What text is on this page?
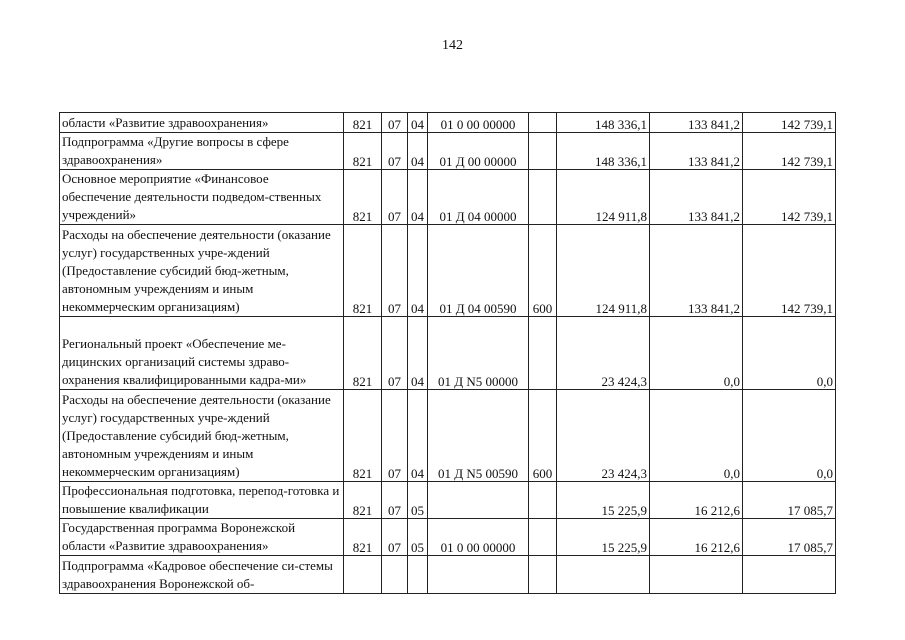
142
области «Развитие здравоохранения»	821	07	04	01 0 00 00000		148 336,1	133 841,2	142 739,1
Подпрограмма «Другие вопросы в сфере здравоохранения»	821	07	04	01 Д 00 00000		148 336,1	133 841,2	142 739,1
Основное мероприятие «Финансовое обеспечение деятельности подведом-ственных учреждений»	821	07	04	01 Д 04 00000		124 911,8	133 841,2	142 739,1
Расходы на обеспечение деятельности (оказание услуг) государственных учре-ждений (Предоставление субсидий бюд-жетным, автономным учреждениям и иным некоммерческим организациям)	821	07	04	01 Д 04 00590	600	124 911,8	133 841,2	142 739,1
Региональный проект «Обеспечение ме-дицинских организаций системы здраво-охранения квалифицированными кадра-ми»	821	07	04	01 Д N5 00000		23 424,3	0,0	0,0
Расходы на обеспечение деятельности (оказание услуг) государственных учре-ждений (Предоставление субсидий бюд-жетным, автономным учреждениям и иным некоммерческим организациям)	821	07	04	01 Д N5 00590	600	23 424,3	0,0	0,0
Профессиональная подготовка, перепод-готовка и повышение квалификации	821	07	05			15 225,9	16 212,6	17 085,7
Государственная программа Воронежской области «Развитие здравоохранения»	821	07	05	01 0 00 00000		15 225,9	16 212,6	17 085,7
Подпрограмма «Кадровое обеспечение си-стемы здравоохранения Воронежской об-								
